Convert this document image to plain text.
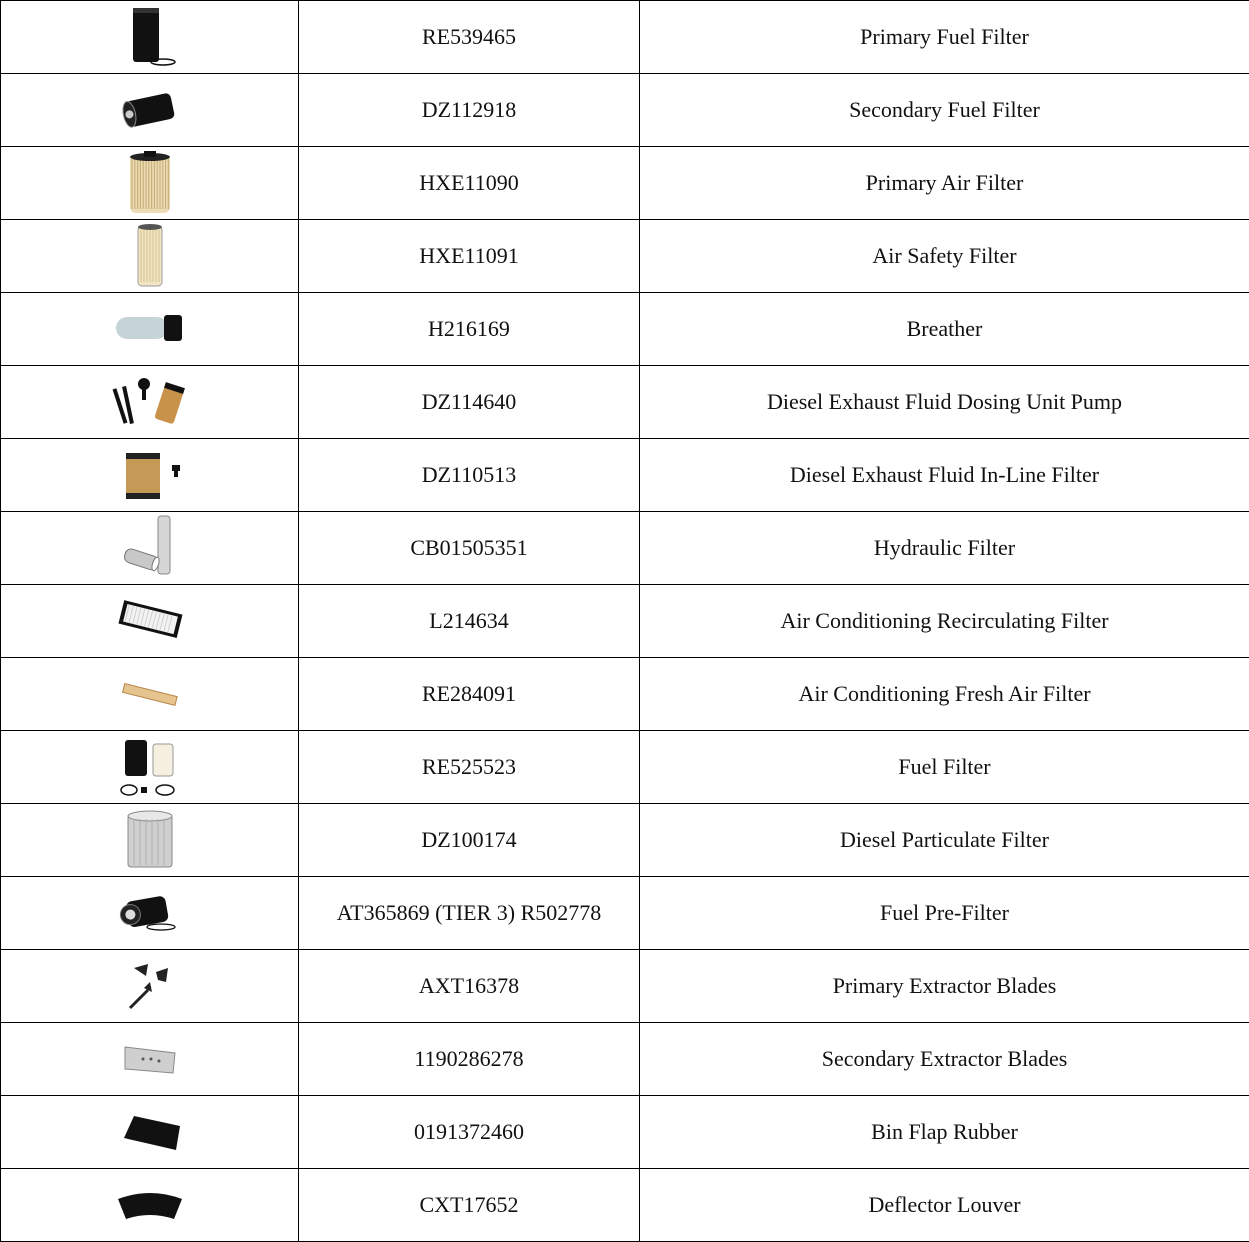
	RE539465	Primary Fuel Filter

	DZ112918	Secondary Fuel Filter

	HXE11090	Primary Air Filter

	HXE11091	Air Safety Filter

	H216169	Breather

	DZ114640	Diesel Exhaust Fluid Dosing Unit Pump

	DZ110513	Diesel Exhaust Fluid In-Line Filter

	CB01505351	Hydraulic Filter

	L214634	Air Conditioning Recirculating Filter

	RE284091	Air Conditioning Fresh Air Filter

	RE525523	Fuel Filter

	DZ100174	Diesel Particulate Filter

	AT365869 (TIER 3) R502778	Fuel Pre-Filter

	AXT16378	Primary Extractor Blades

	1190286278	Secondary Extractor Blades

	0191372460	Bin Flap Rubber

	CXT17652	Deflector Louver
